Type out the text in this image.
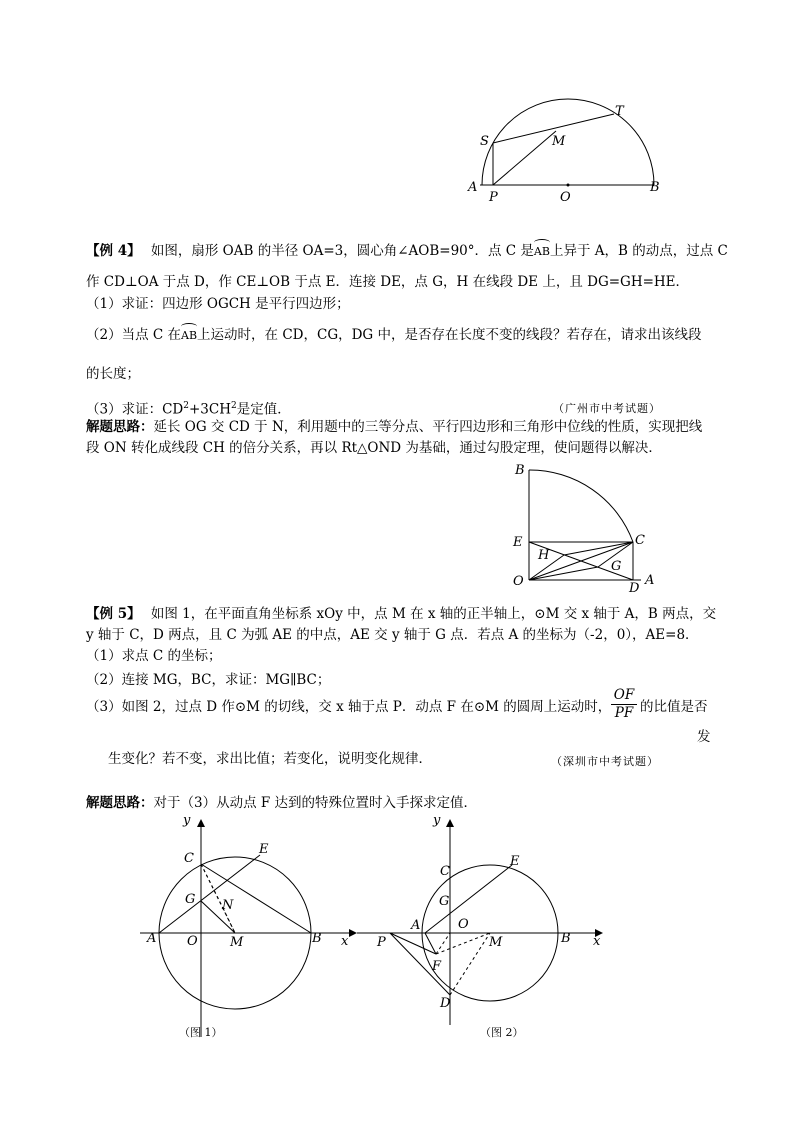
A
P	O
B
S	M
T
【例 4】 如图，扇形 OAB 的半径 OA=3，圆心角∠AOB=90°．点 C 是
AB上异于 A，B 的动点，过点 C
作 CD⊥OA 于点 D，作 CE⊥OB 于点 E．连接 DE，点 G，H 在线段 DE 上，且 DG=GH=HE．
（1）求证：四边形 OGCH 是平行四边形；
（2）当点 C 在
AB上运动时，在 CD，CG，DG 中，是否存在长度不变的线段？若存在，请求出该线段
的长度；
（3）求证：$CD^2+3CH^2$是定值．	（广州市中考试题）
解题思路：延长 OG 交 CD 于 N，利用题中的三等分点、平行四边形和三角形中位线的性质，实现把线
段 ON 转化成线段 CH 的倍分关系，再以 Rt△OND 为基础，通过勾股定理，使问题得以解决．
B
E	C
H
G
O	D
A
【例 5】 如图 1，在平面直角坐标系 xOy 中，点 M 在 x 轴的正半轴上，⊙M 交 x 轴于 A，B 两点，交
y 轴于 C，D 两点，且 C 为弧 AE 的中点，AE 交 y 轴于 G 点．若点 A 的坐标为（-2，0），AE=8．
（1）求点 C 的坐标；
（2）连接 MG，BC，求证：MG∥BC；
（3）如图 2，过点 D 作⊙M 的切线，交 x 轴于点 P．动点 F 在⊙M 的圆周上运动时，
OF
PF 的比值是否
发
生变化？若不变，求出比值；若变化，说明变化规律．	（深圳市中考试题）
解题思路：对于（3）从动点 F 达到的特殊位置时入手探求定值．
y
x
C
E
G N
A O M	B
（图 1）
y
x
C
E
G
A	O
P	M	B
F
D
（图 2）
